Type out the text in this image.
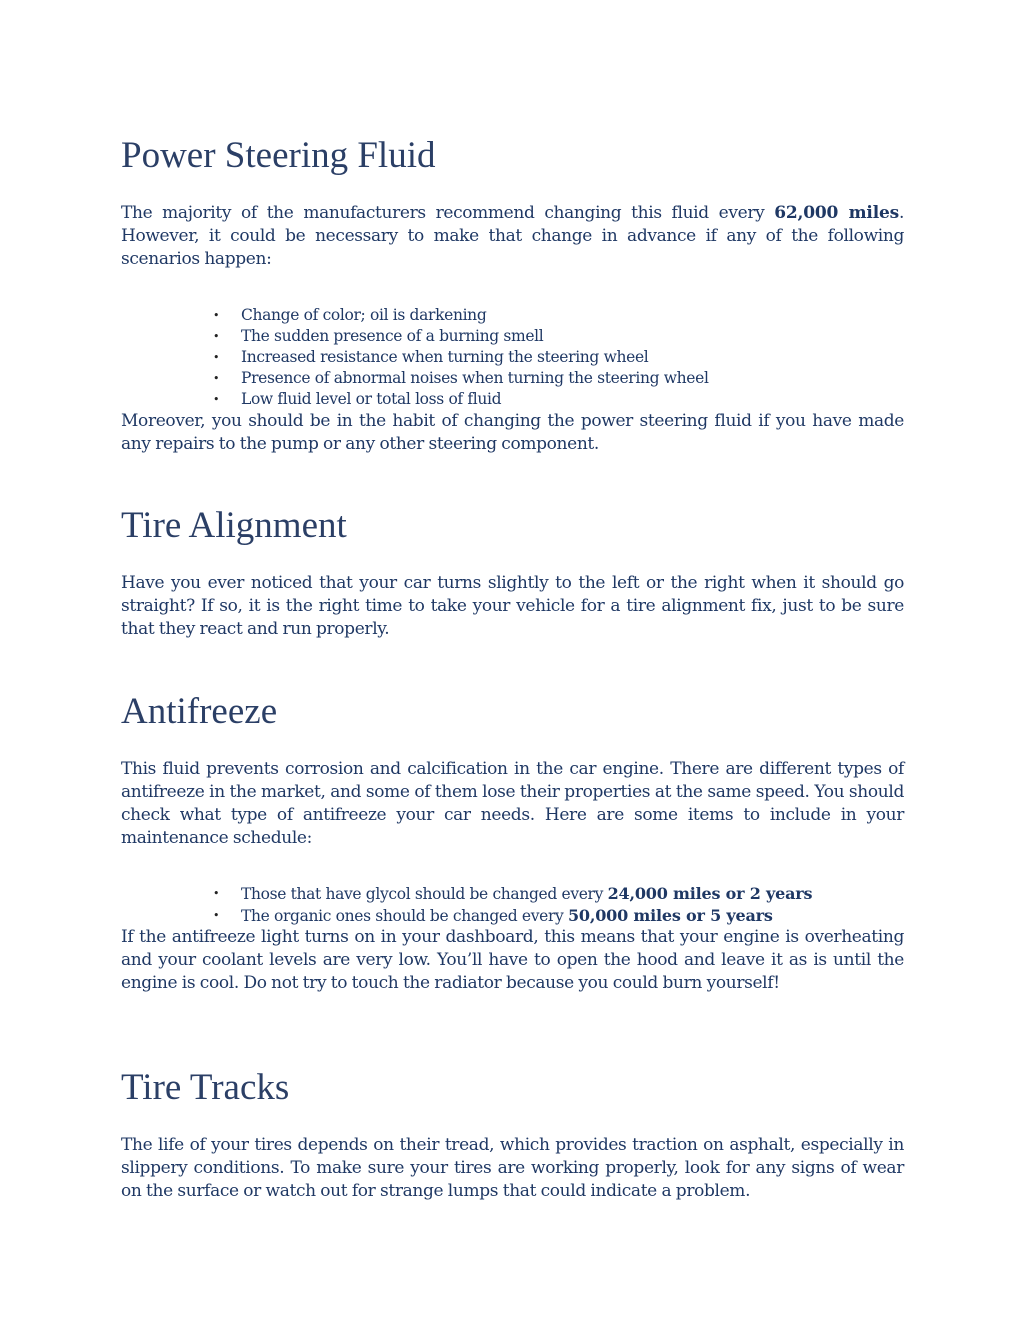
Power Steering Fluid

The majority of the manufacturers recommend changing this fluid every 62,000 miles. However, it could be necessary to make that change in advance if any of the following scenarios happen:

• Change of color; oil is darkening
• The sudden presence of a burning smell
• Increased resistance when turning the steering wheel
• Presence of abnormal noises when turning the steering wheel
• Low fluid level or total loss of fluid

Moreover, you should be in the habit of changing the power steering fluid if you have made any repairs to the pump or any other steering component.

Tire Alignment

Have you ever noticed that your car turns slightly to the left or the right when it should go straight? If so, it is the right time to take your vehicle for a tire alignment fix, just to be sure that they react and run properly.

Antifreeze

This fluid prevents corrosion and calcification in the car engine. There are different types of antifreeze in the market, and some of them lose their properties at the same speed. You should check what type of antifreeze your car needs. Here are some items to include in your maintenance schedule:

• Those that have glycol should be changed every 24,000 miles or 2 years
• The organic ones should be changed every 50,000 miles or 5 years

If the antifreeze light turns on in your dashboard, this means that your engine is overheating and your coolant levels are very low. You’ll have to open the hood and leave it as is until the engine is cool. Do not try to touch the radiator because you could burn yourself!

Tire Tracks

The life of your tires depends on their tread, which provides traction on asphalt, especially in slippery conditions. To make sure your tires are working properly, look for any signs of wear on the surface or watch out for strange lumps that could indicate a problem.
